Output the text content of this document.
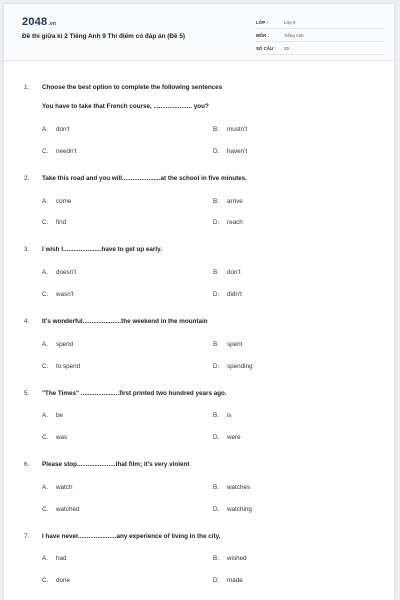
2048.vn
Đề thi giữa kì 2 Tiếng Anh 9 Thí điểm có đáp án (Đề 5)
LỚP :	Lớp 9
MÔN :	Tiếng Anh
SỐ CÂU : 25
1. Choose the best option to complete the following sentences
You have to take that French course, ...................... you?
A. don't	B. mustn't
C. needn't	D. haven't
2. Take this road and you will......................at the school in five minutes.
A. come	B. arrive
C. find	D. reach
3. I wish I......................have to get up early.
A. doesn't	B. don't
C. wasn't	D. didn't
4. It's wonderful......................the weekend in the mountain
A. spend	B. spent
C. to spend	D. spending
5. "The Times" ......................first printed two hundred years ago.
A. be	B. is
C. was	D. were
6. Please stop......................that film; it's very violent
A. watch	B. watches
C. watched	D. watching
7. I have never......................any experience of living in the city.
A. had	B. wished
C. done	D. made
